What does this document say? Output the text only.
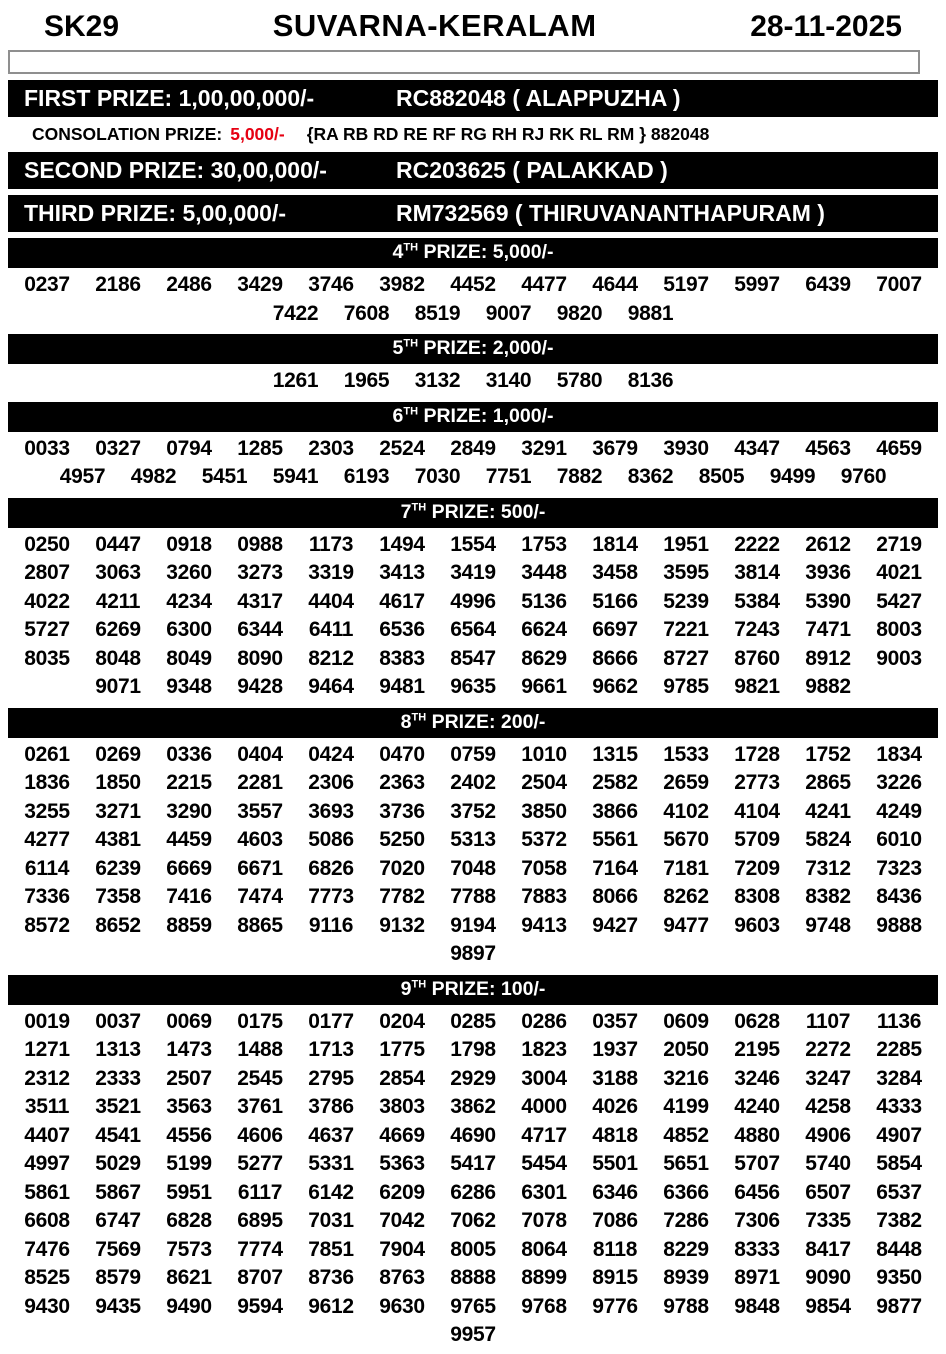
SK29	SUVARNA-KERALAM	28-11-2025
FIRST PRIZE: 1,00,00,000/-	RC882048 ( ALAPPUZHA )
CONSOLATION PRIZE: 5,000/- {RA RB RD RE RF RG RH RJ RK RL RM } 882048
SECOND PRIZE: 30,00,000/-	RC203625 ( PALAKKAD )
THIRD PRIZE: 5,00,000/-	RM732569 ( THIRUVANANTHAPURAM )
4TH PRIZE: 5,000/-
0237	2186	2486	3429	3746	3982	4452	4477	4644	5197	5997	6439	7007
7422	7608	8519	9007	9820	9881
5TH PRIZE: 2,000/-
1261	1965	3132	3140	5780	8136
6TH PRIZE: 1,000/-
0033	0327	0794	1285	2303	2524	2849	3291	3679	3930	4347	4563	4659
4957	4982	5451	5941	6193	7030	7751	7882	8362	8505	9499	9760
7TH PRIZE: 500/-
0250	0447	0918	0988	1173	1494	1554	1753	1814	1951	2222	2612	2719
2807	3063	3260	3273	3319	3413	3419	3448	3458	3595	3814	3936	4021
4022	4211	4234	4317	4404	4617	4996	5136	5166	5239	5384	5390	5427
5727	6269	6300	6344	6411	6536	6564	6624	6697	7221	7243	7471	8003
8035	8048	8049	8090	8212	8383	8547	8629	8666	8727	8760	8912	9003
9071	9348	9428	9464	9481	9635	9661	9662	9785	9821	9882
8TH PRIZE: 200/-
0261	0269	0336	0404	0424	0470	0759	1010	1315	1533	1728	1752	1834
1836	1850	2215	2281	2306	2363	2402	2504	2582	2659	2773	2865	3226
3255	3271	3290	3557	3693	3736	3752	3850	3866	4102	4104	4241	4249
4277	4381	4459	4603	5086	5250	5313	5372	5561	5670	5709	5824	6010
6114	6239	6669	6671	6826	7020	7048	7058	7164	7181	7209	7312	7323
7336	7358	7416	7474	7773	7782	7788	7883	8066	8262	8308	8382	8436
8572	8652	8859	8865	9116	9132	9194	9413	9427	9477	9603	9748	9888
9897
9TH PRIZE: 100/-
0019	0037	0069	0175	0177	0204	0285	0286	0357	0609	0628	1107	1136
1271	1313	1473	1488	1713	1775	1798	1823	1937	2050	2195	2272	2285
2312	2333	2507	2545	2795	2854	2929	3004	3188	3216	3246	3247	3284
3511	3521	3563	3761	3786	3803	3862	4000	4026	4199	4240	4258	4333
4407	4541	4556	4606	4637	4669	4690	4717	4818	4852	4880	4906	4907
4997	5029	5199	5277	5331	5363	5417	5454	5501	5651	5707	5740	5854
5861	5867	5951	6117	6142	6209	6286	6301	6346	6366	6456	6507	6537
6608	6747	6828	6895	7031	7042	7062	7078	7086	7286	7306	7335	7382
7476	7569	7573	7774	7851	7904	8005	8064	8118	8229	8333	8417	8448
8525	8579	8621	8707	8736	8763	8888	8899	8915	8939	8971	9090	9350
9430	9435	9490	9594	9612	9630	9765	9768	9776	9788	9848	9854	9877
9957
